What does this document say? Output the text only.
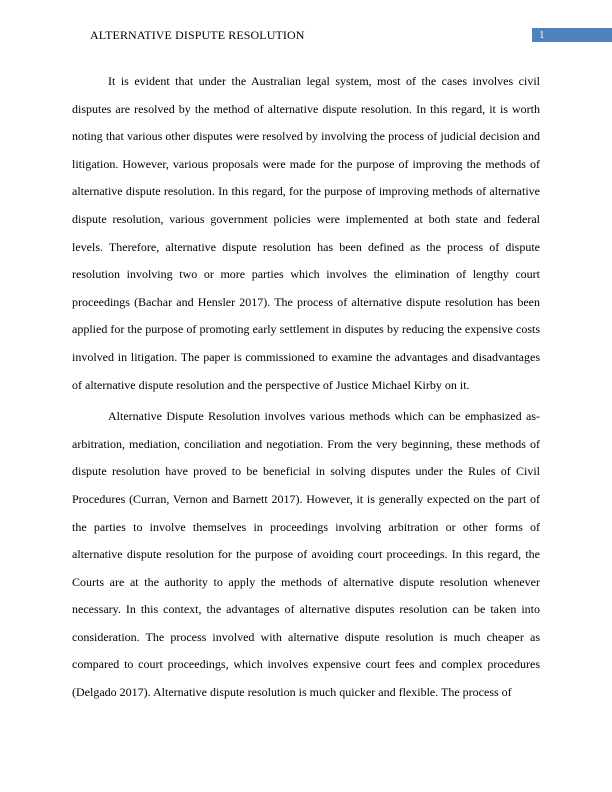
ALTERNATIVE DISPUTE RESOLUTION	1

It is evident that under the Australian legal system, most of the cases involves civil disputes are resolved by the method of alternative dispute resolution. In this regard, it is worth noting that various other disputes were resolved by involving the process of judicial decision and litigation. However, various proposals were made for the purpose of improving the methods of alternative dispute resolution. In this regard, for the purpose of improving methods of alternative dispute resolution, various government policies were implemented at both state and federal levels. Therefore, alternative dispute resolution has been defined as the process of dispute resolution involving two or more parties which involves the elimination of lengthy court proceedings (Bachar and Hensler 2017). The process of alternative dispute resolution has been applied for the purpose of promoting early settlement in disputes by reducing the expensive costs involved in litigation. The paper is commissioned to examine the advantages and disadvantages of alternative dispute resolution and the perspective of Justice Michael Kirby on it.

Alternative Dispute Resolution involves various methods which can be emphasized as- arbitration, mediation, conciliation and negotiation. From the very beginning, these methods of dispute resolution have proved to be beneficial in solving disputes under the Rules of Civil Procedures (Curran, Vernon and Barnett 2017). However, it is generally expected on the part of the parties to involve themselves in proceedings involving arbitration or other forms of alternative dispute resolution for the purpose of avoiding court proceedings. In this regard, the Courts are at the authority to apply the methods of alternative dispute resolution whenever necessary. In this context, the advantages of alternative disputes resolution can be taken into consideration. The process involved with alternative dispute resolution is much cheaper as compared to court proceedings, which involves expensive court fees and complex procedures (Delgado 2017). Alternative dispute resolution is much quicker and flexible. The process of
